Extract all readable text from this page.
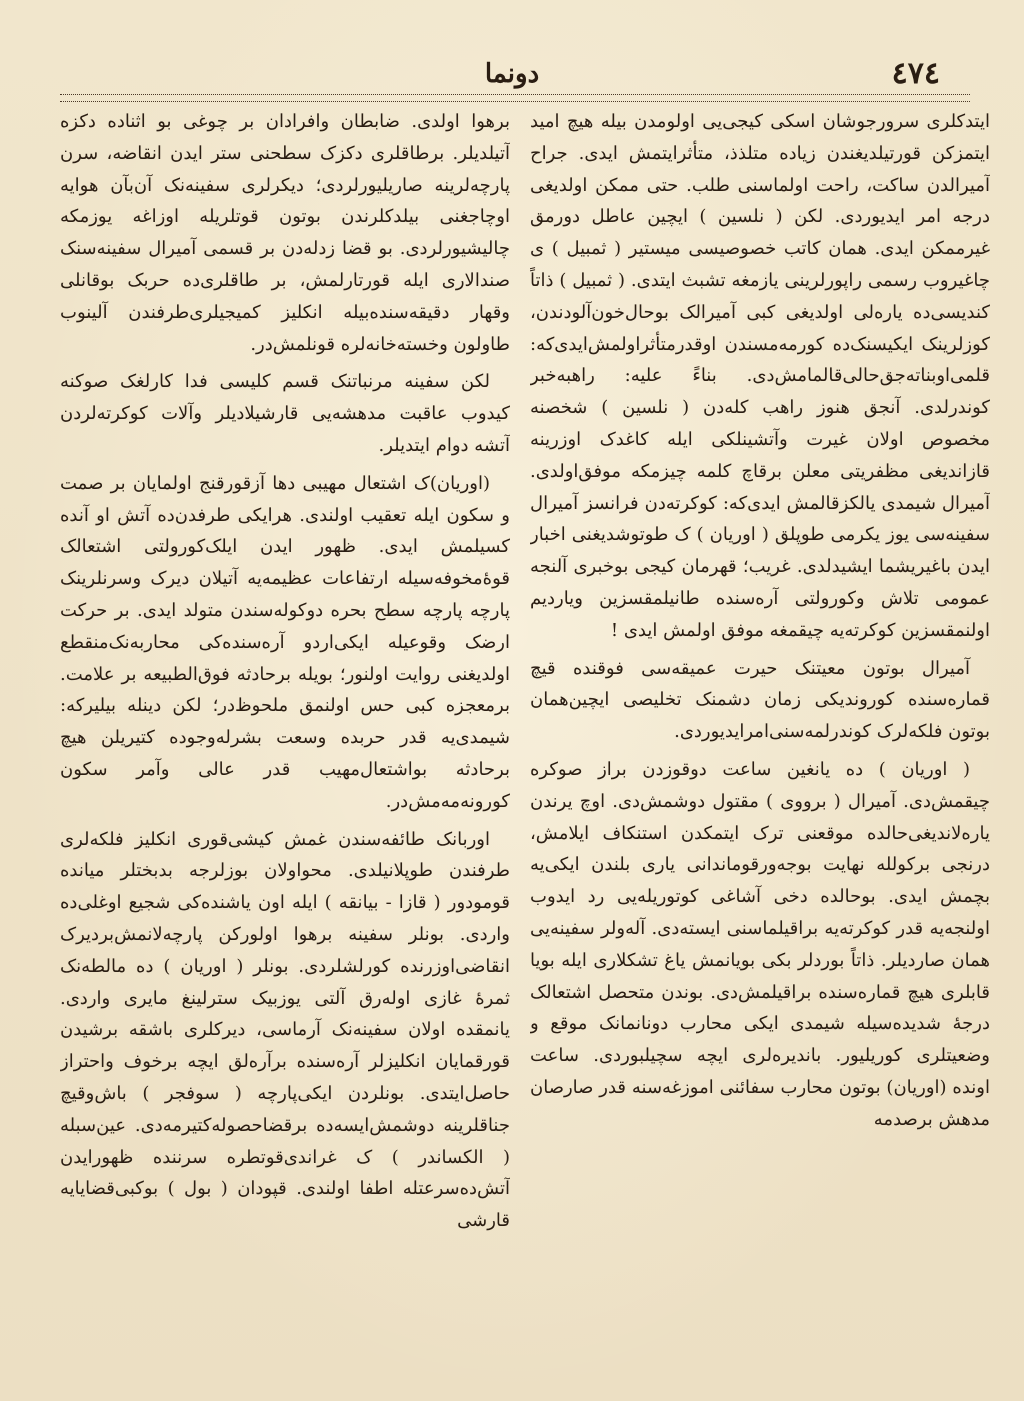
٤٧٤
دونما

ایتدکلری سرورجوشان اسکی کیجی‌یی اولومدن بیله هیچ امید ایتمزکن قورتیلدیغندن زیاده متلذذ، متأثرایتمش ایدی. جراح آمیرالدن ساکت، راحت اولماسنی طلب. حتی ممکن اولدیغی درجه امر ایدیوردی. لکن ( نلسین ) ایچین عاطل دورمق غیرممکن ایدی. همان کاتب خصوصیسی میستیر ( ثمبیل ) ی چاغیروب رسمی راپورلرینی یازمغه تشبث ایتدی. ( ثمبیل ) ذاتاً کندیسی‌ده یاره‌لی اولدیغی کبی آمیرالک بوحال‌خون‌آلودندن، کوزلرینک ایکیسنک‌ده کورمه‌مسندن اوقدرمتأثراولمش‌ایدی‌که: قلمی‌اوبناته‌جق‌حالی‌قالمامش‌دی. بناءً علیه: راهبه‌خبر کوندرلدی. آنجق هنوز راهب کله‌دن ( نلسین ) شخصنه مخصوص اولان غیرت وآتشینلکی ایله کاغدک اوزرینه قازاندیغی مظفریتی معلن برقاچ کلمه چیزمکه موفق‌اولدی. آمیرال شیمدی یالکزقالمش ایدی‌که: کوکرته‌دن فرانسز آمیرال سفینه‌سی یوز یکرمی طوپلق ( اوریان ) ک طوتوشدیغنی اخبار ایدن باغیریشما ایشیدلدی. غریب؛ قهرمان کیجی بوخبری آلنجه عمومی تلاش وکورولتی آره‌سنده طانیلمقسزین ویاردیم اولنمقسزین کوکرته‌یه چیقمغه موفق اولمش ایدی !

آمیرال بوتون معیتنک حیرت عمیقه‌سی فوقنده قیچ قماره‌سنده کوروندیکی زمان دشمنک تخلیصی ایچین‌همان بوتون فلکه‌لرک کوندرلمه‌سنی‌امرایدیوردی.

( اوریان ) ده یانغین ساعت دوقوزدن براز صوکره چیقمش‌دی. آمیرال ( برووی ) مقتول دوشمش‌دی. اوچ یرندن یاره‌لاندیغی‌حالده موقعنی ترک ایتمکدن استنکاف ایلامش، درنجی برکولله نهایت بوجه‌ورقوماندانی یاری بلندن ایکی‌یه بچمش ایدی. بوحالده دخی آشاغی کوتوریله‌یی رد ایدوب اولنجه‌یه قدر کوکرته‌یه براقیلماسنی ایسته‌دی. آله‌ولر سفینه‌یی همان صاردیلر. ذاتاً بوردلر بکی بویانمش یاغ تشکلاری ایله بویا قابلری هیچ قماره‌سنده براقیلمش‌دی. بوندن متحصل اشتعالک درجهٔ شدیده‌سیله شیمدی ایکی محارب دونانمانک موقع و وضعیتلری کوریلیور. باندیره‌لری ایچه سچیلبوردی. ساعت اونده (اوریان) بوتون محارب سفائنی اموزغه‌سنه قدر صارصان مدهش برصدمه

برهوا اولدی. ضابطان وافرادان بر چوغی بو اثناده دکزه آتیلدیلر. برطاقلری دکزک سطحنی ستر ایدن انقاضه، سرن پارچه‌لرینه صاریلیورلردی؛ دیکرلری سفینه‌نک آن‌بآن هوایه اوچاجغنی بیلدکلرندن بوتون قوتلریله اوزاغه یوزمکه چالیشیورلردی. بو قضا زدله‌دن بر قسمی آمیرال سفینه‌سنک صندالاری ایله قورتارلمش، بر طاقلری‌ده حربک بوقانلی وقهار دقیقه‌سنده‌بیله انکلیز کمیجیلری‌طرفندن آلینوب طاولون وخسته‌خانه‌لره قونلمش‌در.

لکن سفینه مرنباتنک قسم کلیسی فدا کارلغک صوکنه کیدوب عاقبت مدهشه‌یی قارشیلادیلر وآلات کوکرته‌لردن آتشه دوام ایتدیلر.

(اوریان)ک اشتعال مهیبی دها آزقورقنج اولمایان بر صمت و سکون ایله تعقیب اولندی. هرایکی طرفدن‌ده آتش او آنده کسیلمش ایدی. ظهور ایدن ایلک‌کورولتی اشتعالک قوهٔ‌مخوفه‌سیله ارتفاعات عظیمه‌یه آتیلان دیرک وسرنلرینک پارچه پارچه سطح بحره دوکوله‌سندن متولد ایدی. بر حرکت ارضک وقوعیله ایکی‌اردو آره‌سنده‌کی محاربه‌نک‌منقطع اولدیغنی روایت اولنور؛ بویله برحادثه فوق‌الطبیعه بر علامت. برمعجزه کبی حس اولنمق ملحوظ‌در؛ لکن دینله بیلیرکه: شیمدی‌یه قدر حربده وسعت بشرله‌وجوده کتیریلن هیچ برحادثه بواشتعال‌مهیب قدر عالی وآمر سکون کورونه‌مه‌مش‌در.

اوربانک طائفه‌سندن غمش کیشی‌قوری انکلیز فلکه‌لری طرفندن طوپلانیلدی. محواولان بوزلرجه بدبختلر میانده قومودور ( قازا - بیانقه ) ایله اون یاشنده‌کی شجیع اوغلی‌ده واردی. بونلر سفینه برهوا اولورکن پارچه‌لانمش‌بردیرک انقاضی‌اوزرنده کورلشلردی. بونلر ( اوریان ) ده مالطه‌نک ثمرهٔ غازی اوله‌رق آلتی یوزبیک سترلینغ مایری واردی. یانمقده اولان سفینه‌نک آرماسی، دیرکلری باشقه برشیدن قورقمایان انکلیزلر آره‌سنده برآره‌لق ایچه برخوف واحتراز حاصل‌ایتدی. بونلردن ایکی‌پارچه ( سوفجر ) باش‌وقیچ جناقلرینه دوشمش‌ایسه‌ده برقضاحصوله‌کتیرمه‌دی. عین‌سبله ( الکساندر ) ک غراندی‌قوتطره سرننده ظهورایدن آتش‌ده‌سرعتله اطفا اولندی. قپودان ( بول ) بوکبی‌قضایایه قارشی
